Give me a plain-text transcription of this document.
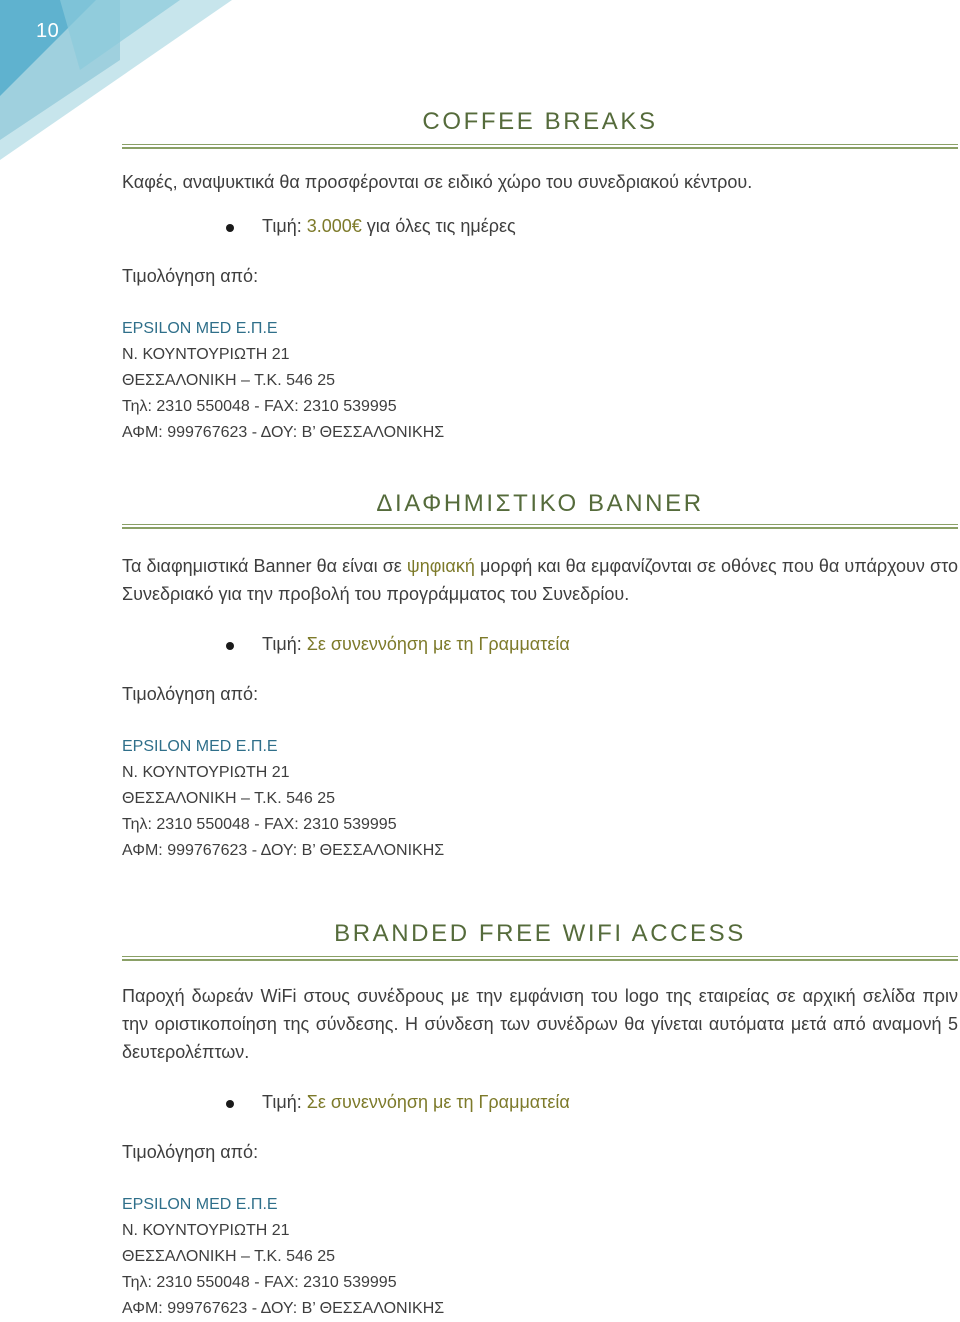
10
COFFEE BREAKS

Καφές, αναψυκτικά θα προσφέρονται σε ειδικό χώρο του συνεδριακού κέντρου.

Τιμή: 3.000€ για όλες τις ημέρες
Τιμολόγηση από:
EPSILON MED Ε.Π.Ε
Ν. ΚΟΥΝΤΟΥΡΙΩΤΗ 21
ΘΕΣΣΑΛΟΝΙΚΗ – Τ.Κ. 546 25
Τηλ: 2310 550048 - FAX: 2310 539995
ΑΦΜ: 999767623 - ΔΟΥ: Β’ ΘΕΣΣΑΛΟΝΙΚΗΣ
ΔΙΑΦΗΜΙΣΤΙΚΟ BANNER

Τα διαφημιστικά Banner θα είναι σε ψηφιακή μορφή και θα εμφανίζονται σε οθόνες που θα υπάρχουν στο Συνεδριακό για την προβολή του προγράμματος του Συνεδρίου.

Τιμή: Σε συνεννόηση με τη Γραμματεία
Τιμολόγηση από:
EPSILON MED Ε.Π.Ε
Ν. ΚΟΥΝΤΟΥΡΙΩΤΗ 21
ΘΕΣΣΑΛΟΝΙΚΗ – Τ.Κ. 546 25
Τηλ: 2310 550048 - FAX: 2310 539995
ΑΦΜ: 999767623 - ΔΟΥ: Β’ ΘΕΣΣΑΛΟΝΙΚΗΣ
BRANDED FREE WIFI ACCESS

Παροχή δωρεάν WiFi στους συνέδρους με την εμφάνιση του logo της εταιρείας σε αρχική σελίδα πριν την οριστικοποίηση της σύνδεσης. Η σύνδεση των συνέδρων θα γίνεται αυτόματα μετά από αναμονή 5 δευτερολέπτων.

Τιμή: Σε συνεννόηση με τη Γραμματεία
Τιμολόγηση από:
EPSILON MED Ε.Π.Ε
Ν. ΚΟΥΝΤΟΥΡΙΩΤΗ 21
ΘΕΣΣΑΛΟΝΙΚΗ – Τ.Κ. 546 25
Τηλ: 2310 550048 - FAX: 2310 539995
ΑΦΜ: 999767623 - ΔΟΥ: Β’ ΘΕΣΣΑΛΟΝΙΚΗΣ
